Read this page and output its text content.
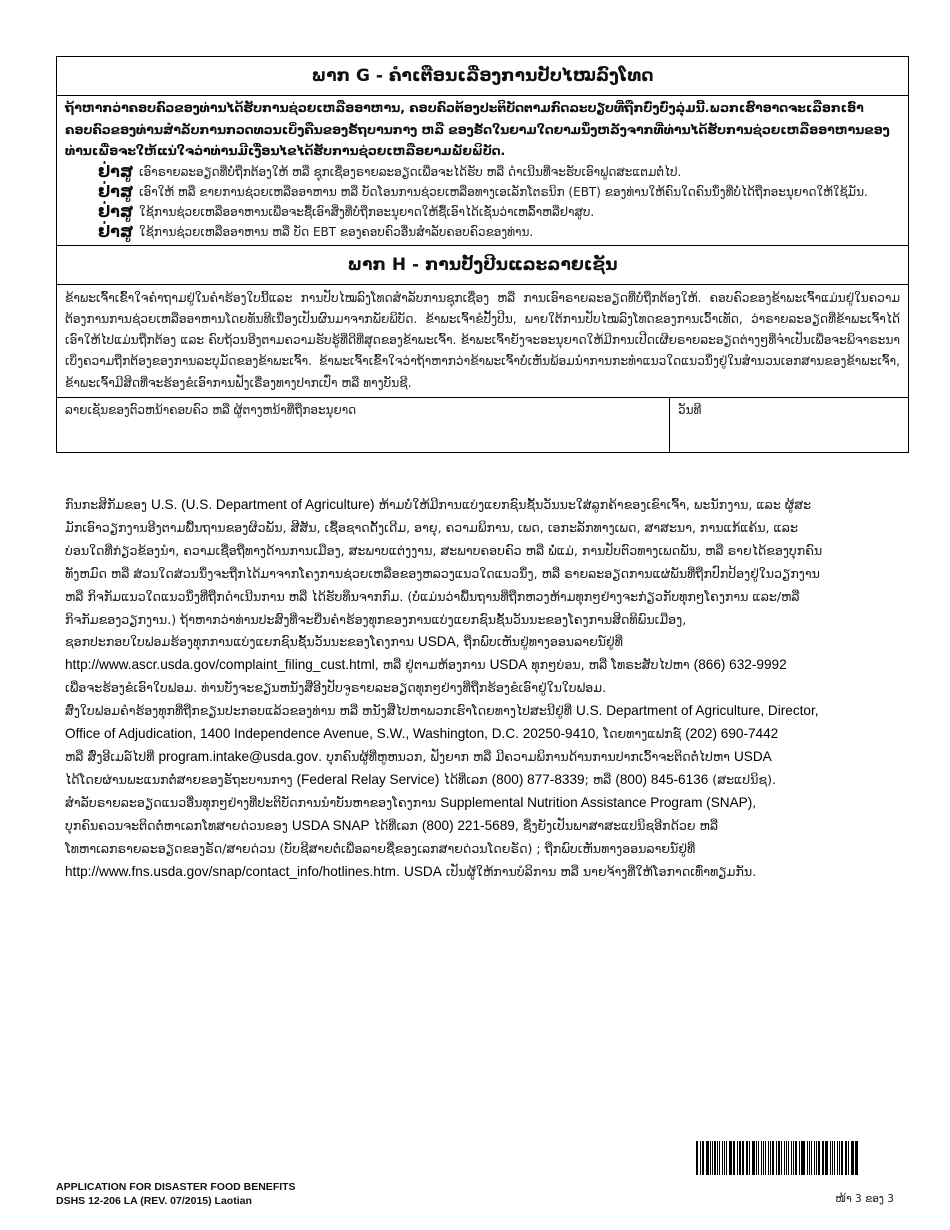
ພາກ G - ຄຳເຕືອນເລື່ອງການປັບໄໝລົງໂທດ
ຖ້າຫາກວ່າຄອບຄົວຂອງທ່ານໄດ້ຮັບການຊ່ວຍເຫລືອອາຫານ, ຄອບຄົວຕ້ອງປະຕິບັດຕາມກົດລະບຽບທີ່ຖືກບົ່ງບົ່ງລຸ່ມນີ້.ພວກເຮົາອາດຈະເລືອກເອົາຄອບຄົວຂອງທ່ານສຳລັບການກວດທວນເບິ່ງຄືນຂອງຣັຖບານກາງ ຫລື ຂອງຣັດໃນຍາມໃດຍາມນຶ່ງຫລັງຈາກທີ່ທ່ານໄດ້ຮັບການຊ່ວຍເຫລືອອາຫານຂອງທ່ານເພື່ອຈະໃຫ້ແນ່ໃຈວ່າທ່ານມີເງື່ອນໄຂໄດ້ຮັບການຊ່ວຍເຫລືອຍາມພັຍພິບັດ.
ຢ່າສູ ເອົາຣາຍລະອຽດທີ່ບໍ່ຖືກຕ້ອງໃຫ້ ຫລື ຊຸກເຊື່ອງຣາຍລະອຽດເພື່ອຈະໄດ້ຮັບ ຫລື ດຳເນີນທີ່ຈະຮັບເອົາຟູດສະແຕມຕໍ່ໄປ.
ຢ່າສູ ເອົາໃຫ້ ຫລື ຂາຍການຊ່ວຍເຫລືອອາຫານ ຫລື ບັດໂອນການຊ່ວຍເຫລືອທາງເອເລັກໂຕຣນິກ (EBT) ຂອງທ່ານໃຫ້ຄົນໃດຄົນນຶ່ງທີ່ບໍ່ໄດ້ຖືກອະນຸຍາດໃຫ້ໃຊ້ມັນ.
ຢ່າສູ ໃຊ້ການຊ່ວຍເຫລືອອາຫານເພື່ອຈະຊື້ເອົາສິ່ງທີ່ບໍ່ຖືກອະນຸຍາດໃຫ້ຊື້ເອົາໄດ້ເຊັ່ນວ່າເຫລົ້າຫລືຢາສູບ.
ຢ່າສູ ໃຊ້ການຊ່ວຍເຫລືອອາຫານ ຫລື ບັດ EBT ຂອງຄອບຄົວອື່ນສຳລັບຄອບຄົວຂອງທ່ານ.
ພາກ H - ການປັ້ງປີນແລະລາຍເຊັນ
ຂ້າພະເຈົ້າເຂົ້າໃຈຄຳຖາມຢູ່ໃນຄຳຮ້ອງໃບນີ້ແລະ ການປັບໄໝລົງໂທດສຳລັບການຊຸກເຊື່ອງ ຫລື ການເອົາຣາຍລະອຽດທີ່ບໍ່ຖືກຕ້ອງໃຫ້. ຄອບຄົວຂອງຂ້າພະເຈົ້າແມ່ນຢູ່ໃນຄວາມຕ້ອງການການຊ່ວຍເຫລືອອາຫານໂດຍທັນທີເນື່ອງເປັນຜົນມາຈາກພັຍພິບັດ. ຂ້າພະເຈົ້າຂໍປັ້ງປີນ, ພາຍໃຕ້ການປັບໄໝລົງໂທດຂອງການເວົ້າເທັດ, ວ່າຣາຍລະອຽດທີ່ຂ້າພະເຈົ້າໄດ້ເອົາໃຫ້ໄປແມ່ນຖືກຕ້ອງ ແລະ ຄົບຖ້ວນອີງຕາມຄວາມຮັບຮູ້ທີ່ດີທີ່ສຸດຂອງຂ້າພະເຈົ້າ. ຂ້າພະເຈົ້າຍັງຈະອະນຸຍາດໃຫ້ມີການເປີດເຜີຍຣາຍລະອຽດຕ່າງໆທີ່ຈຳເປັນເພື່ອຈະພິຈາຣະນາເບິ່ງຄວາມຖືກຕ້ອງຂອງການລະບຸມັດຂອງຂ້າພະເຈົ້າ. ຂ້າພະເຈົ້າເຂົ້າໃຈວ່າຖ້າຫາກວ່າຂ້າພະເຈົ້າບໍ່ເຫັນພ້ອມນຳການກະທຳແນວໃດແນວນຶ່ງຢູ່ໃນສຳນວນເອກສານຂອງຂ້າພະເຈົ້າ, ຂ້າພະເຈົ້າມີສິດທີ່ຈະຮ້ອງຂໍເອົາການຟັງເຣື່ອງທາງປາກເປົ່າ ຫລື ທາງບັນຊີ.
ລາຍເຊັນຂອງຕົວຫນ້າຄອບຄົວ ຫລື ຜູ້ຕາງຫນ້າທີ່ຖືກອະນຸຍາດ	ວັນທີ

ກົນກະສິກັມຂອງ U.S. (U.S. Department of Agriculture) ຫ້າມບໍ່ໃຫ້ມີການແບ່ງແຍກຊົນຊັ້ນວັນນະໃສ່ລູກຄ້າຂອງເຂົາເຈົ້າ, ພະນັກງານ, ແລະ ຜູ້ສະ

ມັກເອົາວຽກງານອີງຕາມພື້ນຖານຂອງຜິວພັນ, ສີສັນ, ເຊື້ອຊາດດັ້ງເດີມ, ອາຍຸ, ຄວາມພິການ, ເພດ, ເອກະລັກທາງເພດ, ສາສະນາ, ການແກ້ແຄ້ນ, ແລະ

ບ່ອນໃດທີ່ກ່ຽວຂ້ອງນຳ, ຄວາມເຊື່ອຖືທາງດ້ານການເມືອງ, ສະພາບແຕ່ງງານ, ສະພາບຄອບຄົວ ຫລື ພໍ່ແມ່, ການປັບຕົວທາງເພດພັນ, ຫລື ຣາຍໄດ້ຂອງບຸກຄົນ

ທັງຫມົດ ຫລື ສ່ວນໃດສ່ວນນຶ່ງຈະຖືກໄດ້ມາຈາກໂຄງການຊ່ວຍເຫລືອຂອງຫລວງແນວໃດແນວນຶ່ງ, ຫລື ຣາຍລະອຽດການແຜ່ພັນທີ່ຖືກປົກປ້ອງຢູ່ໃນວຽກງານ

ຫລື ກິຈກັມແນວໃດແນວນຶ່ງທີ່ຖືກດຳເນີນການ ຫລື ໄດ້ຮັບທຶນຈາກກົມ. (ບໍ່ແມ່ນວ່າພື້ນຖານທີ່ຖືກຫວງຫ້າມທຸກໆຢ່າງຈະກ່ຽວກັບທຸກໆໂຄງການ ແລະ/ຫລື

ກິຈກັມຂອງວຽກງານ.) ຖ້າຫາກວ່າທ່ານປະສົງທີ່ຈະຍື່ນຄຳຮ້ອງທຸກຂອງການແບ່ງແຍກຊົນຊັ້ນວັນນະຂອງໂຄງການສິດທິພົນເມືອງ,

ຊອກປະກອບໃບຟອມຮ້ອງທຸກການແບ່ງແຍກຊົນຊັ້ນວັນນະຂອງໂຄງການ USDA, ຖືກພົບເຫັນຢູ່ທາງອອນລາຍນ໌ຢູ່ທີ່

http://www.ascr.usda.gov/complaint_filing_cust.html, ຫລື ຢູ່ຕາມຫ້ອງການ USDA ທຸກໆບ່ອນ, ຫລື ໂທຣະສັບໄປຫາ (866) 632-9992

ເພື່ອຈະຮ້ອງຂໍເອົາໃບຟອມ. ທ່ານບັງຈະຂຽນຫນັງສືອີງປັບຈູຣາຍລະອຽດທຸກໆຢ່າງທີ່ຖືກຮ້ອງຂໍເອົາຢູ່ໃນໃບຟອມ.

ສົ່ງໃບຟອມຄຳຮ້ອງທຸກທີ່ຖືກຂຽນປະກອບແລ້ວຂອງທ່ານ ຫລື ຫນັງສືໄປຫາພວກເຮົາໂດຍທາງໄປສະນີຢູ່ທີ່ U.S. Department of Agriculture, Director,

Office of Adjudication, 1400 Independence Avenue, S.W., Washington, D.C. 20250-9410, ໂດຍທາງແຟກຊ໌ (202) 690-7442

ຫລື ສົ່ງອີເມລ໌ໄປທີ່ program.intake@usda.gov. ບຸກຄົນຜູ້ທີ່ຫູຫນວກ, ຟັງຍາກ ຫລື ມີຄວາມພິການດ້ານການປາກເວົ້າຈະຕິດຕໍ່ໄປຫາ USDA

ໄດ້ໂດຍຜ່ານພະແນກຕໍ່ສາຍຂອງຣັຖະບານກາງ (Federal Relay Service) ໄດ້ທີ່ເລກ (800) 877-8339; ຫລື (800) 845-6136 (ສະແປນິຊ).

ສຳລັບຣາຍລະອຽດແນວອື່ນທຸກໆຢ່າງທີ່ປະຕິບັດການນຳບັນຫາຂອງໂຄງການ Supplemental Nutrition Assistance Program (SNAP),

ບຸກຄົນຄວນຈະຕິດຕໍ່ຫາເລກໂທສາຍດ່ວນຂອງ USDA SNAP ໄດ້ທີ່ເລກ (800) 221-5689, ຊຶ່ງຍັງເປັນພາສາສະແປນິຊອີກດ້ວຍ ຫລື

ໂທຫາເລກຣາຍລະອຽດຂອງຣັດ/ສາຍດ່ວນ (ບັບຊີສາຍຕໍ່ເພື່ອລາຍຊື່ຂອງເລກສາຍດ່ວນໂດຍຣັດ) ; ຖືກພົບເຫັນທາງອອນລາຍນ໌ຢູ່ທີ່

http://www.fns.usda.gov/snap/contact_info/hotlines.htm. USDA ເປັນຜູ້ໃຫ້ການບໍລິການ ຫລື ນາຍຈ້າງທີ່ໃຫ້ໂອກາດເທົ່າທຽມກັນ.

APPLICATION FOR DISASTER FOOD BENEFITS
DSHS 12-206 LA (REV. 07/2015) Laotian	ໜ້າ 3 ຂອງ 3
